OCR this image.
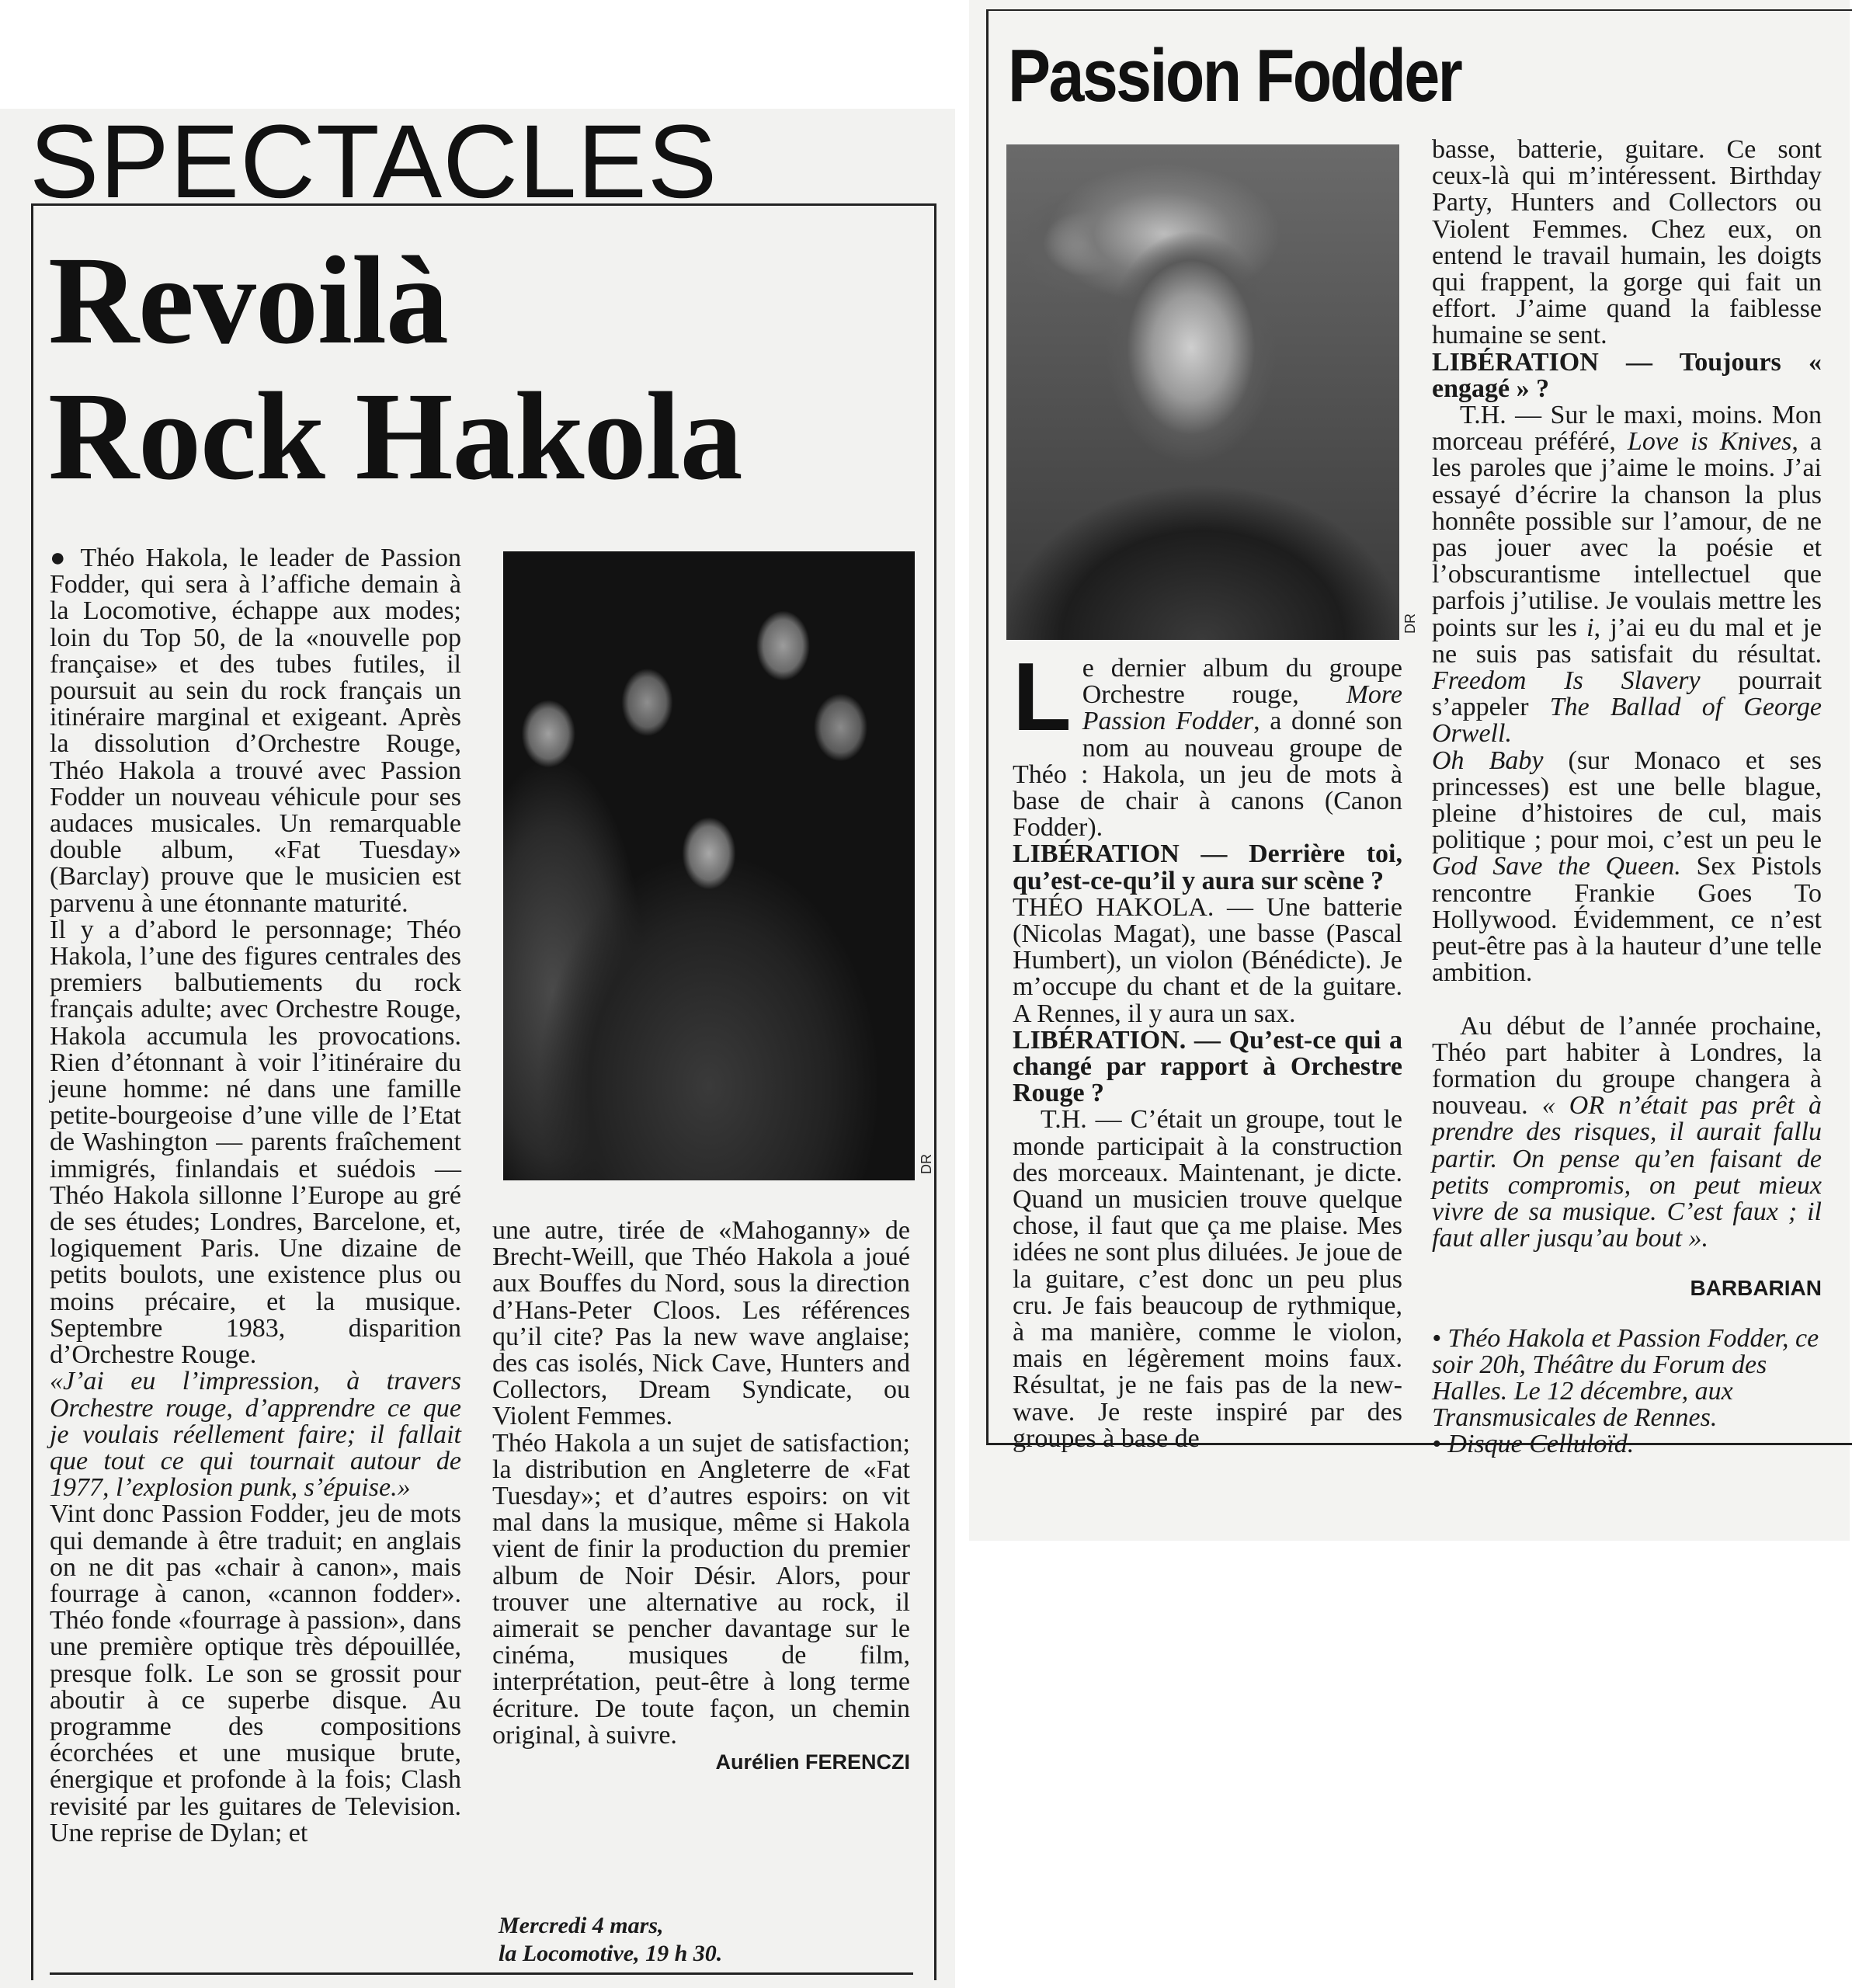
SPECTACLES
Revoilà
Rock Hakola

● Théo Hakola, le leader de Passion Fodder, qui sera à l’affiche demain à la Locomotive, échappe aux modes; loin du Top 50, de la «nouvelle pop française» et des tubes futiles, il poursuit au sein du rock français un itinéraire marginal et exigeant. Après la dissolution d’Orchestre Rouge, Théo Hakola a trouvé avec Passion Fodder un nouveau véhicule pour ses audaces musicales. Un remarquable double album, «Fat Tuesday» (Barclay) prouve que le musicien est parvenu à une étonnante maturité.

Il y a d’abord le personnage; Théo Hakola, l’une des figures centrales des premiers balbutiements du rock français adulte; avec Orchestre Rouge, Hakola accumula les provocations. Rien d’étonnant à voir l’itinéraire du jeune homme: né dans une famille petite-bourgeoise d’une ville de l’Etat de Washington — parents fraîchement immigrés, finlandais et suédois — Théo Hakola sillonne l’Europe au gré de ses études; Londres, Barcelone, et, logiquement Paris. Une dizaine de petits boulots, une existence plus ou moins précaire, et la musique. Septembre 1983, disparition d’Orchestre Rouge.

«J’ai eu l’impression, à travers Orchestre rouge, d’apprendre ce que je voulais réellement faire; il fallait que tout ce qui tournait autour de 1977, l’explosion punk, s’épuise.»

Vint donc Passion Fodder, jeu de mots qui demande à être traduit; en anglais on ne dit pas «chair à canon», mais fourrage à canon, «cannon fodder». Théo fonde «fourrage à passion», dans une première optique très dépouillée, presque folk. Le son se grossit pour aboutir à ce superbe disque. Au programme des compositions écorchées et une musique brute, énergique et profonde à la fois; Clash revisité par les guitares de Television. Une reprise de Dylan; et

DR

une autre, tirée de «Mahoganny» de Brecht-Weill, que Théo Hakola a joué aux Bouffes du Nord, sous la direction d’Hans-Peter Cloos. Les références qu’il cite? Pas la new wave anglaise; des cas isolés, Nick Cave, Hunters and Collectors, Dream Syndicate, ou Violent Femmes.

Théo Hakola a un sujet de satisfaction; la distribution en Angleterre de «Fat Tuesday»; et d’autres espoirs: on vit mal dans la musique, même si Hakola vient de finir la production du premier album de Noir Désir. Alors, pour trouver une alternative au rock, il aimerait se pencher davantage sur le cinéma, musiques de film, interprétation, peut-être à long terme écriture. De toute façon, un chemin original, à suivre.

Aurélien FERENCZI

Mercredi 4 mars,
la Locomotive, 19 h 30.
Passion Fodder
DR

Le dernier album du groupe Orchestre rouge, More Passion Fodder, a donné son nom au nouveau groupe de Théo : Hakola, un jeu de mots à base de chair à canons (Canon Fodder).

LIBÉRATION — Derrière toi, qu’est-ce-qu’il y aura sur scène ?

THÉO HAKOLA. — Une batterie (Nicolas Magat), une basse (Pascal Humbert), un violon (Bénédicte). Je m’occupe du chant et de la guitare. A Rennes, il y aura un sax.

LIBÉRATION. — Qu’est-ce qui a changé par rapport à Orchestre Rouge ?

T.H. — C’était un groupe, tout le monde participait à la construction des morceaux. Maintenant, je dicte. Quand un musicien trouve quelque chose, il faut que ça me plaise. Mes idées ne sont plus diluées. Je joue de la guitare, c’est donc un peu plus cru. Je fais beaucoup de rythmique, à ma manière, comme le violon, mais en légèrement moins faux. Résultat, je ne fais pas de la new-wave. Je reste inspiré par des groupes à base de

basse, batterie, guitare. Ce sont ceux-là qui m’intéressent. Birthday Party, Hunters and Collectors ou Violent Femmes. Chez eux, on entend le travail humain, les doigts qui frappent, la gorge qui fait un effort. J’aime quand la faiblesse humaine se sent.

LIBÉRATION — Toujours « engagé » ?

T.H. — Sur le maxi, moins. Mon morceau préféré, Love is Knives, a les paroles que j’aime le moins. J’ai essayé d’écrire la chanson la plus honnête possible sur l’amour, de ne pas jouer avec la poésie et l’obscurantisme intellectuel que parfois j’utilise. Je voulais mettre les points sur les i, j’ai eu du mal et je ne suis pas satisfait du résultat. Freedom Is Slavery pourrait s’appeler The Ballad of George Orwell.

Oh Baby (sur Monaco et ses princesses) est une belle blague, pleine d’histoires de cul, mais politique ; pour moi, c’est un peu le God Save the Queen. Sex Pistols rencontre Frankie Goes To Hollywood. Évidemment, ce n’est peut-être pas à la hauteur d’une telle ambition.

Au début de l’année prochaine, Théo part habiter à Londres, la formation du groupe changera à nouveau. « OR n’était pas prêt à prendre des risques, il aurait fallu partir. On pense qu’en faisant de petits compromis, on peut mieux vivre de sa musique. C’est faux ; il faut aller jusqu’au bout ».

BARBARIAN

• Théo Hakola et Passion Fodder, ce soir 20h, Théâtre du Forum des Halles. Le 12 décembre, aux Transmusicales de Rennes.

• Disque Celluloïd.
